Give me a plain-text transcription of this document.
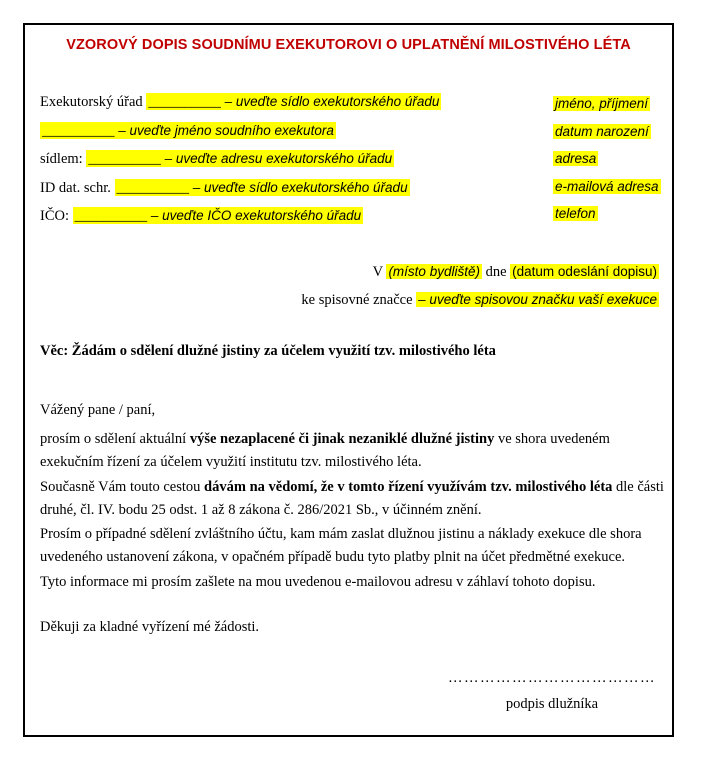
VZOROVÝ DOPIS SOUDNÍMU EXEKUTOROVI O UPLATNĚNÍ MILOSTIVÉHO LÉTA
Exekutorský úřad __________ – uveďte sídlo exekutorského úřadu
__________ – uveďte jméno soudního exekutora
sídlem: __________ – uveďte adresu exekutorského úřadu
ID dat. schr. __________ – uveďte sídlo exekutorského úřadu
IČO: __________ – uveďte IČO exekutorského úřadu
jméno, příjmení
datum narození
adresa
e-mailová adresa
telefon
V (místo bydliště) dne (datum odeslání dopisu)
ke spisovné značce – uveďte spisovou značku vaší exekuce
Věc: Žádám o sdělení dlužné jistiny za účelem využití tzv. milostivého léta
Vážený pane / paní,
prosím o sdělení aktuální výše nezaplacené či jinak nezaniklé dlužné jistiny ve shora uvedeném exekučním řízení za účelem využití institutu tzv. milostivého léta.
Současně Vám touto cestou dávám na vědomí, že v tomto řízení využívám tzv. milostivého léta dle části druhé, čl. IV. bodu 25 odst. 1 až 8 zákona č. 286/2021 Sb., v účinném znění.
Prosím o případné sdělení zvláštního účtu, kam mám zaslat dlužnou jistinu a náklady exekuce dle shora uvedeného ustanovení zákona, v opačném případě budu tyto platby plnit na účet předmětné exekuce.
Tyto informace mi prosím zašlete na mou uvedenou e-mailovou adresu v záhlaví tohoto dopisu.
Děkuji za kladné vyřízení mé žádosti.
…………………………………
podpis dlužníka
